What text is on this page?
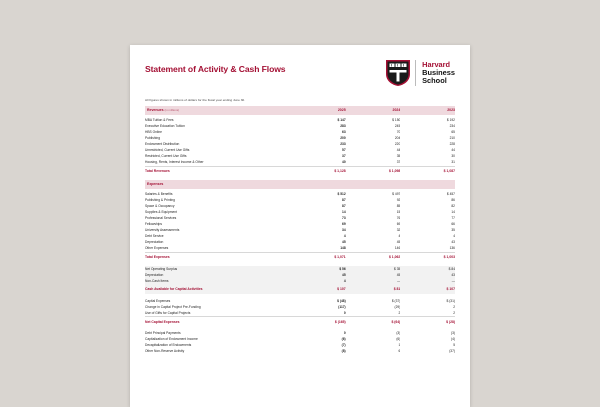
Statement of Activity & Cash Flows	Harvard
Business
School
All figures shown in millions of dollars for the fiscal year ending June 30.
Revenues (in millions)	2025	2024	2023

MBA Tuition & Fees	$ 147	$ 150	$ 192
Executive Education Tuition	283	245	234
HBS Online	63	70	65
Publishing	200	204	210
Endowment Distribution	233	220	228
Unrestricted, Current Use Gifts	57	44	44
Restricted, Current Use Gifts	37	35	30
Housing, Rents, Interest Income & Other	40	37	31
Total Revenues	$ 1,128	$ 1,098	$ 1,087

Expenses			

Salaries & Benefits	$ 512	$ 497	$ 457
Publishing & Printing	87	92	86
Space & Occupancy	87	85	82
Supplies & Equipment	14	15	14
Professional Services	73	76	77
Fellowships	69	69	66
University Assessments	34	32	35
Debt Service	4	4	4
Depreciation	45	45	43
Other Expenses	148	146	136
Total Expenses	$ 1,071	$ 1,062	$ 1,003

Net Operating Surplus	$ 56	$ 35	$ 84
Depreciation	45	45	43
Non-Cash Items	4	—	—
Cash Available for Capital Activities	$ 107	$ 81	$ 107

Capital Expenses	$ (48)	$ (37)	$ (31)
Change in Capital Project Pre-Funding	(117)	(29)	2
Use of Gifts for Capital Projects	0	2	2
Net Capital Expenses	$ (165)	$ (64)	$ (28)

Debt Principal Payments	0	(3)	(3)
Capitalization of Endowment Income	(6)	(6)	(4)
Decapitalization of Endowments	(7)	1	5
Other Non-Reserve Activity	(8)	6	(37)
